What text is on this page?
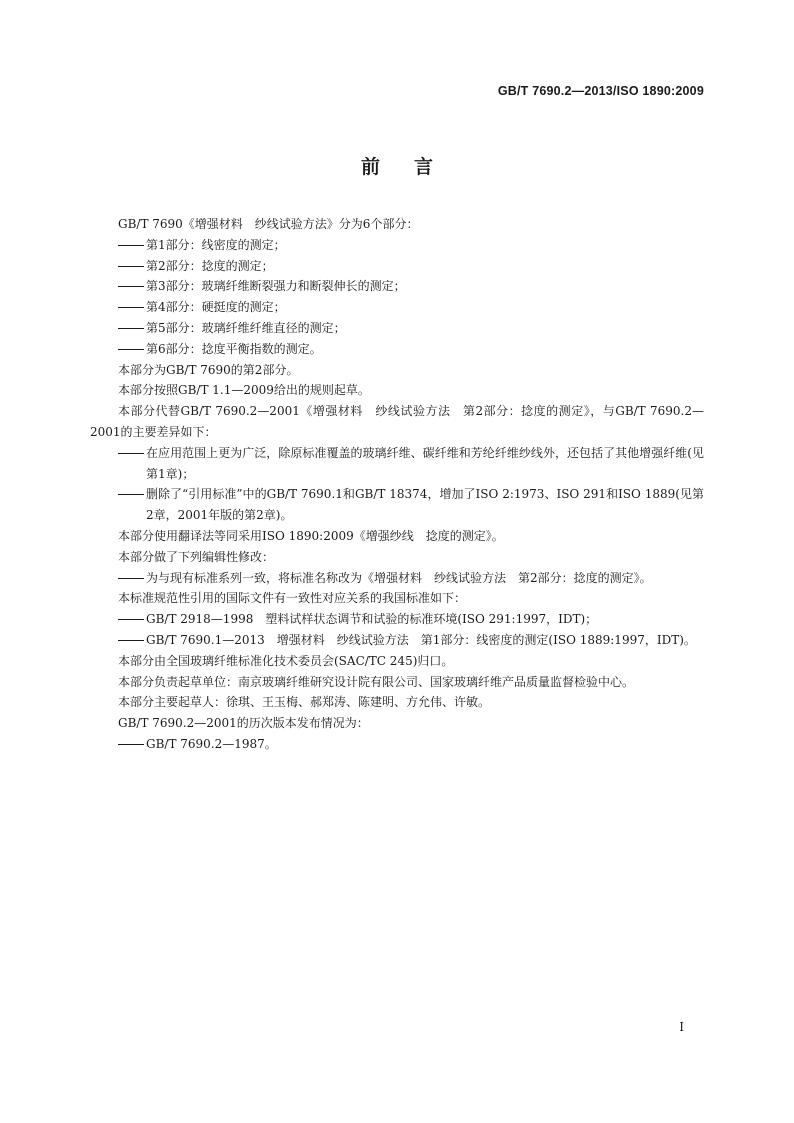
GB/T 7690.2—2013/ISO 1890:2009
前言

GB/T 7690《增强材料　纱线试验方法》分为6个部分：

第1部分：线密度的测定；

第2部分：捻度的测定；

第3部分：玻璃纤维断裂强力和断裂伸长的测定；

第4部分：硬挺度的测定；

第5部分：玻璃纤维纤维直径的测定；

第6部分：捻度平衡指数的测定。

本部分为GB/T 7690的第2部分。

本部分按照GB/T 1.1—2009给出的规则起草。

本部分代替GB/T 7690.2—2001《增强材料　纱线试验方法　第2部分：捻度的测定》，与GB/T 7690.2—2001的主要差异如下：

在应用范围上更为广泛，除原标准覆盖的玻璃纤维、碳纤维和芳纶纤维纱线外，还包括了其他增强纤维(见第1章)；

删除了“引用标准”中的GB/T 7690.1和GB/T 18374，增加了ISO 2:1973、ISO 291和ISO 1889(见第2章，2001年版的第2章)。

本部分使用翻译法等同采用ISO 1890:2009《增强纱线　捻度的测定》。

本部分做了下列编辑性修改：

为与现有标准系列一致，将标准名称改为《增强材料　纱线试验方法　第2部分：捻度的测定》。

本标准规范性引用的国际文件有一致性对应关系的我国标准如下：

GB/T 2918—1998　塑料试样状态调节和试验的标准环境(ISO 291:1997，IDT)；

GB/T 7690.1—2013　增强材料　纱线试验方法　第1部分：线密度的测定(ISO 1889:1997，IDT)。

本部分由全国玻璃纤维标准化技术委员会(SAC/TC 245)归口。

本部分负责起草单位：南京玻璃纤维研究设计院有限公司、国家玻璃纤维产品质量监督检验中心。

本部分主要起草人：徐琪、王玉梅、郝郑涛、陈建明、方允伟、许敏。

GB/T 7690.2—2001的历次版本发布情况为：

GB/T 7690.2—1987。

I
